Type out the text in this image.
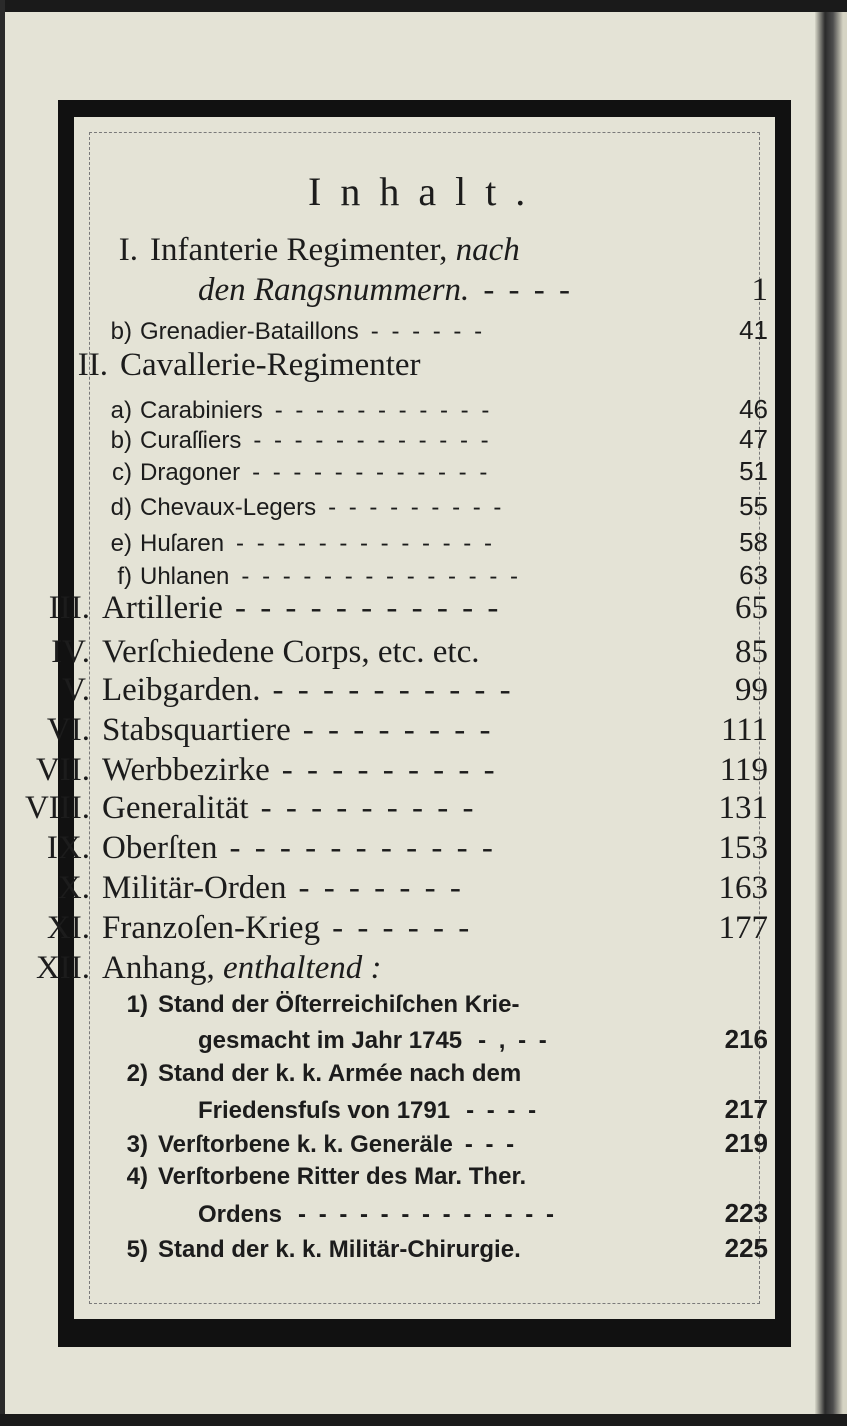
Inhalt.
I. Infanterie Regimenter, nach
den Rangsnummern. - - - -	1
b) Grenadier-Bataillons - - - - - -	41
II. Cavallerie-Regimenter
a) Carabiniers - - - - - - - - - - -	46
b) Curaſſiers - - - - - - - - - - - -	47
c) Dragoner - - - - - - - - - - - -	51
d) Chevaux-Legers - - - - - - - - -	55
e) Huſaren - - - - - - - - - - - - -	58
f) Uhlanen - - - - - - - - - - - - - -	63
III. Artillerie - - - - - - - - - - -	65
IV. Verſchiedene Corps, etc. etc.	85
V. Leibgarden. - - - - - - - - - -	99
VI. Stabsquartiere - - - - - - - -	111
VII. Werbbezirke - - - - - - - - -	119
VIII. Generalität - - - - - - - - -	131
IX. Oberſten - - - - - - - - - - -	153
X. Militär-Orden - - - - - - -	163
XI. Franzoſen-Krieg - - - - - -	177
XII. Anhang, enthaltend :
1) Stand der Öſterreichiſchen Krie-
gesmacht im Jahr 1745 - , - -	216
2) Stand der k. k. Armée nach dem
Friedensfuſs von 1791 - - - -	217
3) Verſtorbene k. k. Generäle - - -	219
4) Verſtorbene Ritter des Mar. Ther.
Ordens - - - - - - - - - - - - -	223
5) Stand der k. k. Militär-Chirurgie.	225
